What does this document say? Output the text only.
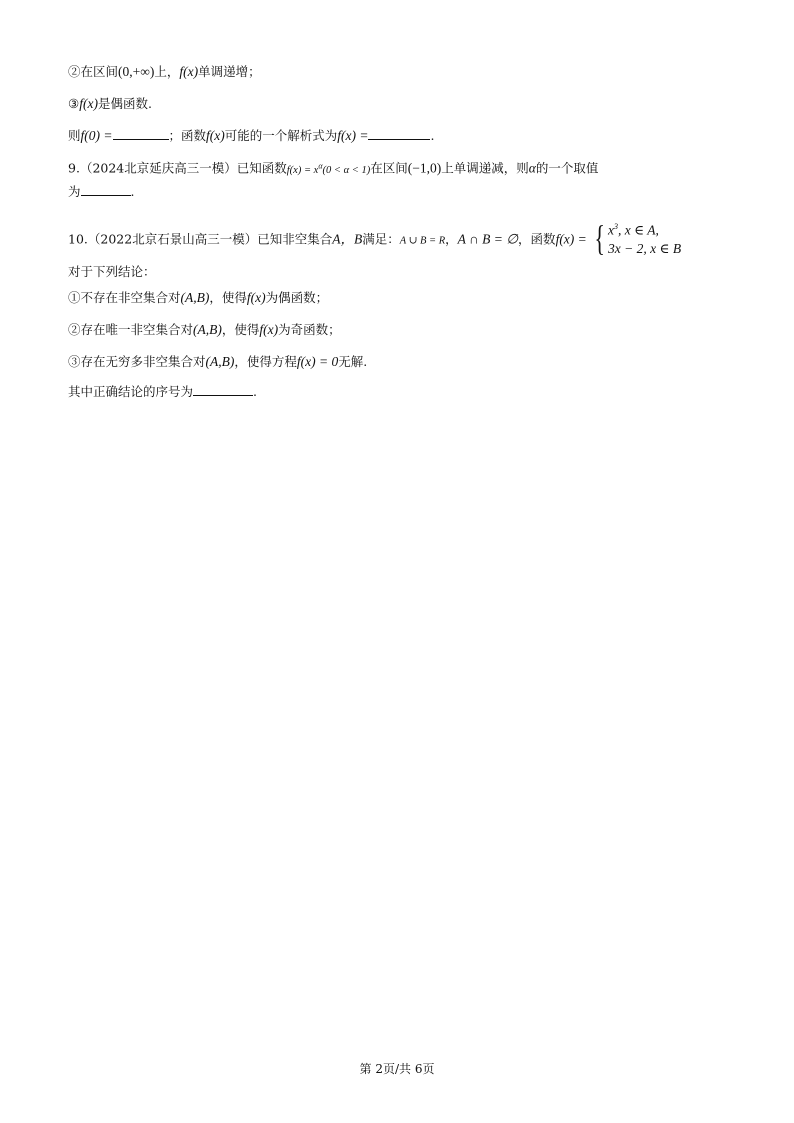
②在区间(0,+∞)上，f(x)单调递增；
③f(x)是偶函数.
则f(0) =	；函数f(x)可能的一个解析式为f(x) =	.
9.（2024北京延庆高三一模）已知函数$f(x) = x^\alpha(0 < \alpha < 1)$在区间(−1,0)上单调递减，则α的一个取值
为	.
10.（2022北京石景山高三一模）已知非空集合A，B满足：A ∪ B = R，A ∩ B = ∅，函数f(x) = { $x^3$, x ∈ A,
3x − 2, x ∈ B
对于下列结论：
①不存在非空集合对(A,B)，使得f(x)为偶函数；
②存在唯一非空集合对(A,B)，使得f(x)为奇函数；
③存在无穷多非空集合对(A,B)，使得方程f(x) = 0无解.
其中正确结论的序号为	.
第 2页/共 6页
